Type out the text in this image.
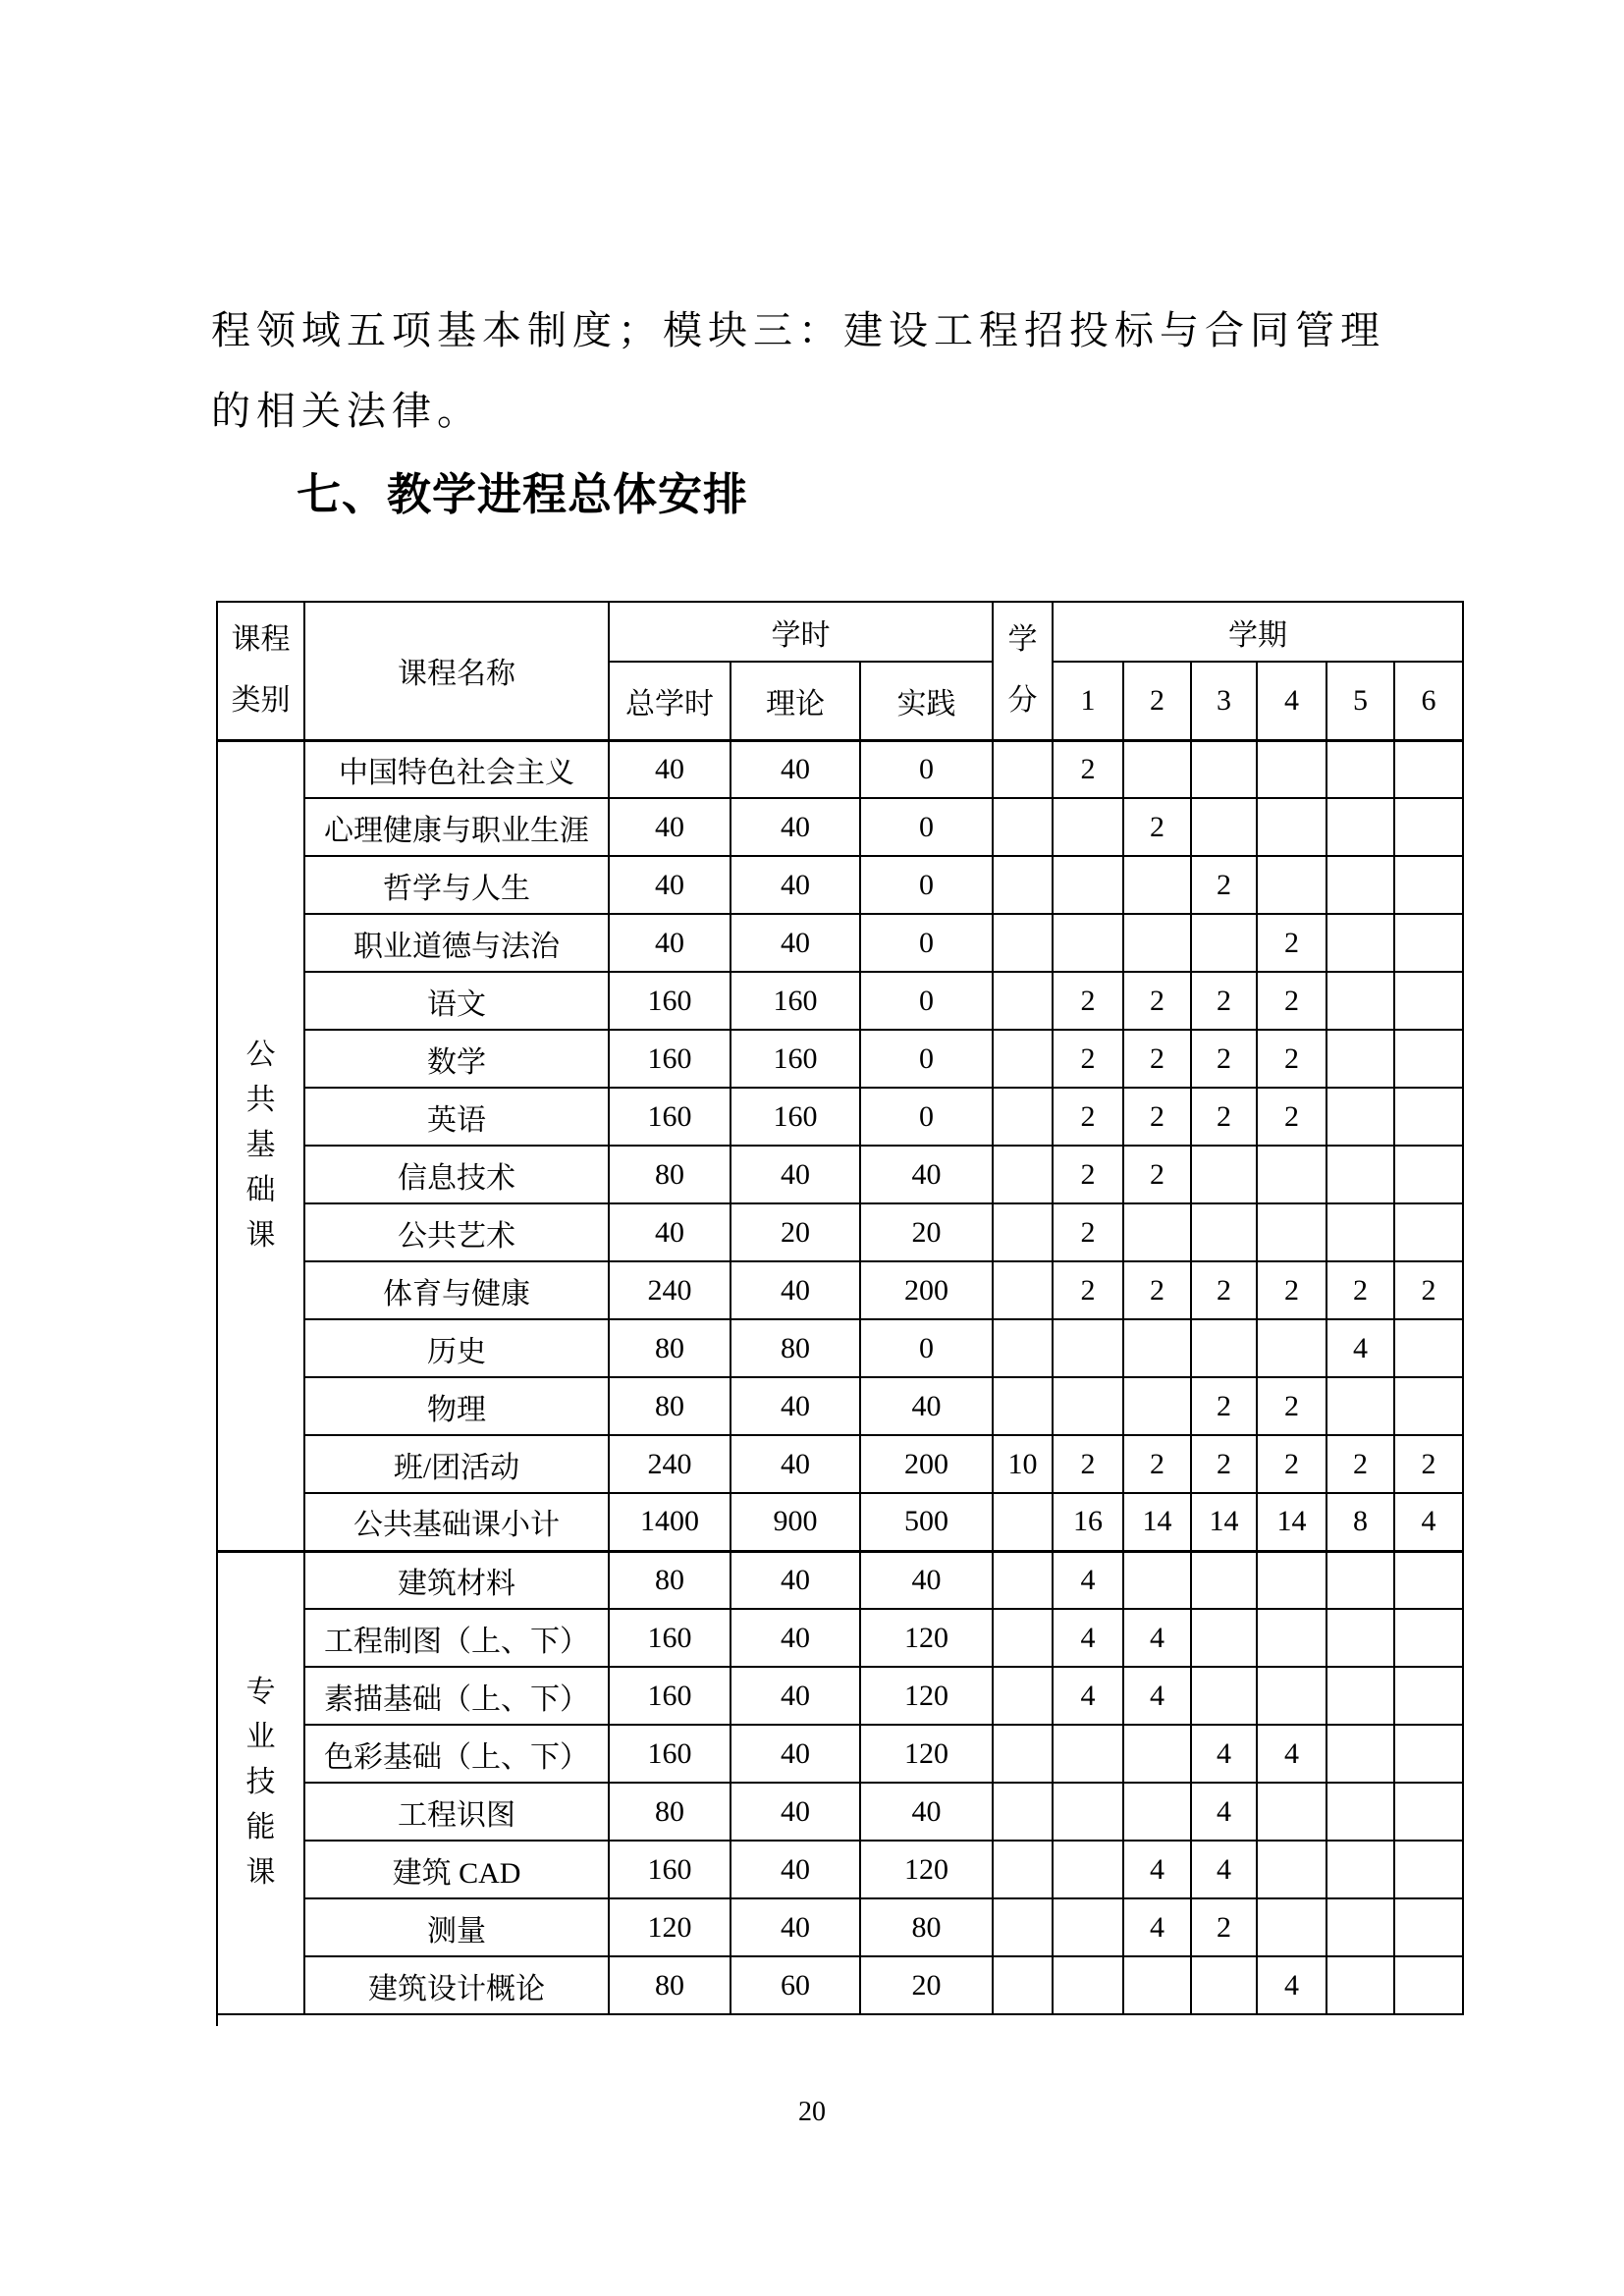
程领域五项基本制度；模块三：建设工程招投标与合同管理
的相关法律。
七、教学进程总体安排
课程
类别
	课程名称	学时	学
分
	学期
		总学时	理论	实践		1	2	3	4	5	6

公
共
基
础
课	中国特色社会主义	40	40	0		2					
	心理健康与职业生涯	40	40	0			2				
	哲学与人生	40	40	0				2			
	职业道德与法治	40	40	0					2		
	语文	160	160	0		2	2	2	2		
	数学	160	160	0		2	2	2	2		
	英语	160	160	0		2	2	2	2		
	信息技术	80	40	40		2	2				
	公共艺术	40	20	20		2					
	体育与健康	240	40	200		2	2	2	2	2	2
	历史	80	80	0						4	
	物理	80	40	40				2	2		
	班/团活动	240	40	200	10	2	2	2	2	2	2
	公共基础课小计	1400	900	500		16	14	14	14	8	4

专
业
技
能
课	建筑材料	80	40	40		4					
	工程制图（上、下）	160	40	120		4	4				
	素描基础（上、下）	160	40	120		4	4				
	色彩基础（上、下）	160	40	120				4	4		
	工程识图	80	40	40				4			
	建筑 CAD	160	40	120			4	4			
	测量	120	40	80			4	2			
	建筑设计概论	80	60	20					4		
20
